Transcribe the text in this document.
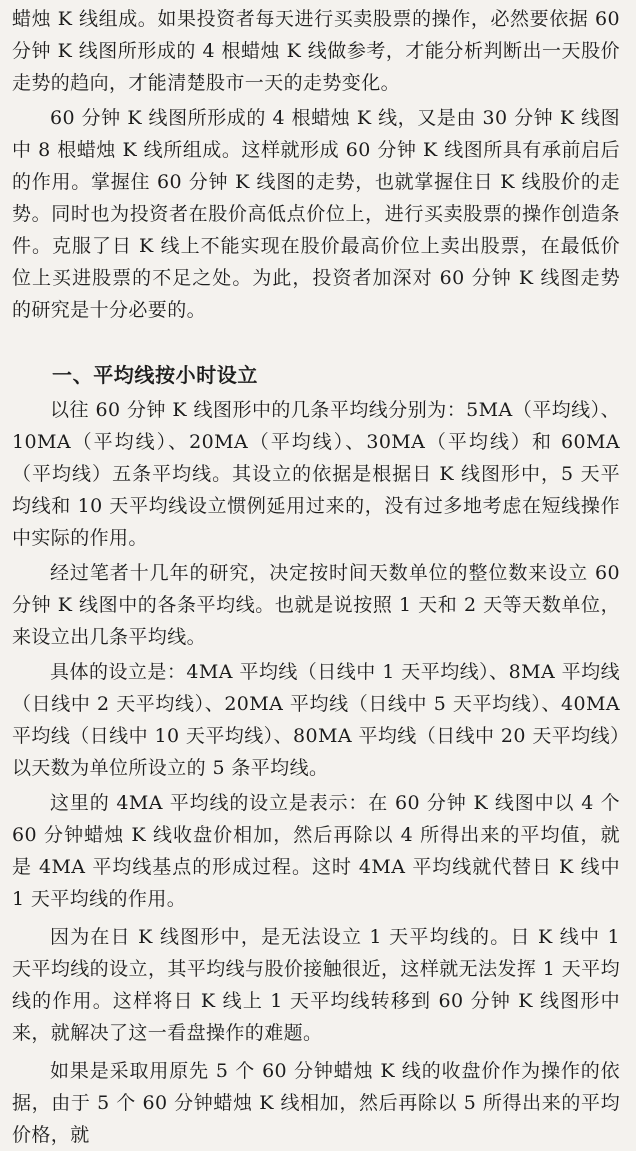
蜡烛 K 线组成。如果投资者每天进行买卖股票的操作，必然要依据 60 分钟 K 线图所形成的 4 根蜡烛 K 线做参考，才能分析判断出一天股价走势的趋向，才能清楚股市一天的走势变化。

60 分钟 K 线图所形成的 4 根蜡烛 K 线，又是由 30 分钟 K 线图中 8 根蜡烛 K 线所组成。这样就形成 60 分钟 K 线图所具有承前启后的作用。掌握住 60 分钟 K 线图的走势，也就掌握住日 K 线股价的走势。同时也为投资者在股价高低点价位上，进行买卖股票的操作创造条件。克服了日 K 线上不能实现在股价最高价位上卖出股票，在最低价位上买进股票的不足之处。为此，投资者加深对 60 分钟 K 线图走势的研究是十分必要的。

一、平均线按小时设立

以往 60 分钟 K 线图形中的几条平均线分别为：5MA（平均线）、10MA（平均线）、20MA（平均线）、30MA（平均线）和 60MA（平均线）五条平均线。其设立的依据是根据日 K 线图形中，5 天平均线和 10 天平均线设立惯例延用过来的，没有过多地考虑在短线操作中实际的作用。

经过笔者十几年的研究，决定按时间天数单位的整位数来设立 60 分钟 K 线图中的各条平均线。也就是说按照 1 天和 2 天等天数单位，来设立出几条平均线。

具体的设立是：4MA 平均线（日线中 1 天平均线）、8MA 平均线（日线中 2 天平均线）、20MA 平均线（日线中 5 天平均线）、40MA 平均线（日线中 10 天平均线）、80MA 平均线（日线中 20 天平均线）以天数为单位所设立的 5 条平均线。

这里的 4MA 平均线的设立是表示：在 60 分钟 K 线图中以 4 个 60 分钟蜡烛 K 线收盘价相加，然后再除以 4 所得出来的平均值，就是 4MA 平均线基点的形成过程。这时 4MA 平均线就代替日 K 线中 1 天平均线的作用。

因为在日 K 线图形中，是无法设立 1 天平均线的。日 K 线中 1 天平均线的设立，其平均线与股价接触很近，这样就无法发挥 1 天平均线的作用。这样将日 K 线上 1 天平均线转移到 60 分钟 K 线图形中来，就解决了这一看盘操作的难题。

如果是采取用原先 5 个 60 分钟蜡烛 K 线的收盘价作为操作的依据，由于 5 个 60 分钟蜡烛 K 线相加，然后再除以 5 所得出来的平均价格，就
